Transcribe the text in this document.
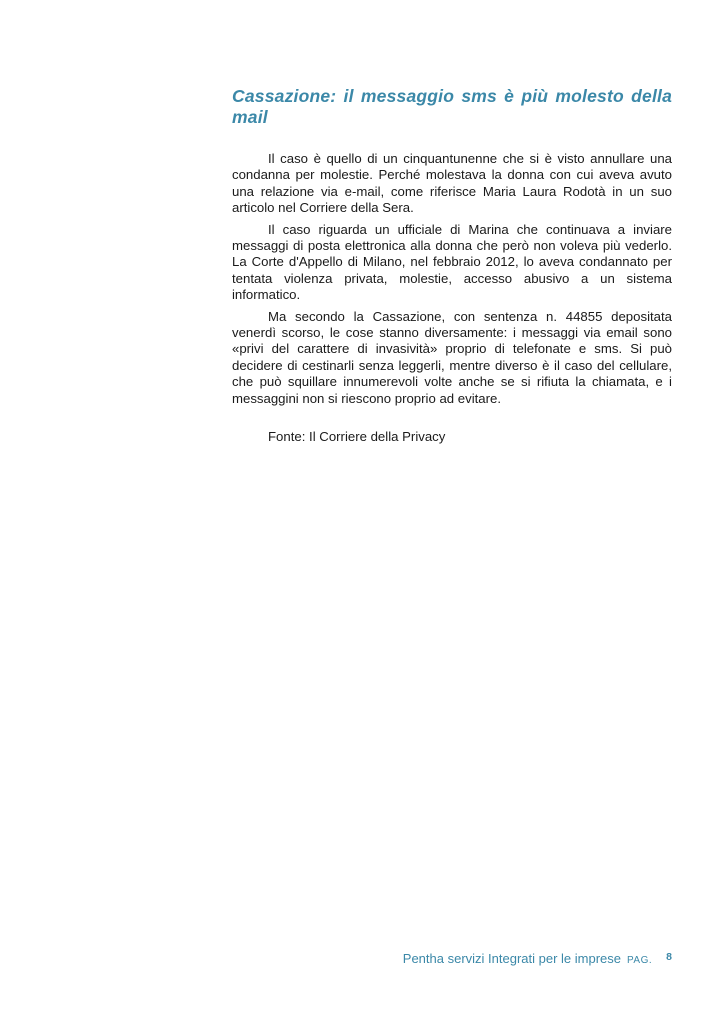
Cassazione: il messaggio sms è più molesto della mail

Il caso è quello di un cinquantunenne che si è visto annullare una condanna per molestie. Perché molestava la donna con cui aveva avuto una relazione via e-mail, come riferisce Maria Laura Rodotà in un suo articolo nel Corriere della Sera.

Il caso riguarda un ufficiale di Marina che continuava a inviare messaggi di posta elettronica alla donna che però non voleva più vederlo. La Corte d'Appello di Milano, nel febbraio 2012, lo aveva condannato per tentata violenza privata, molestie, accesso abusivo a un sistema informatico.

Ma secondo la Cassazione, con sentenza n. 44855 depositata venerdì scorso, le cose stanno diversamente: i messaggi via email sono «privi del carattere di invasività» proprio di telefonate e sms. Si può decidere di cestinarli senza leggerli, mentre diverso è il caso del cellulare, che può squillare innumerevoli volte anche se si rifiuta la chiamata, e i messaggini non si riescono proprio ad evitare.

Fonte: Il Corriere della Privacy

Pentha servizi Integrati per le imprese PAG. 8
